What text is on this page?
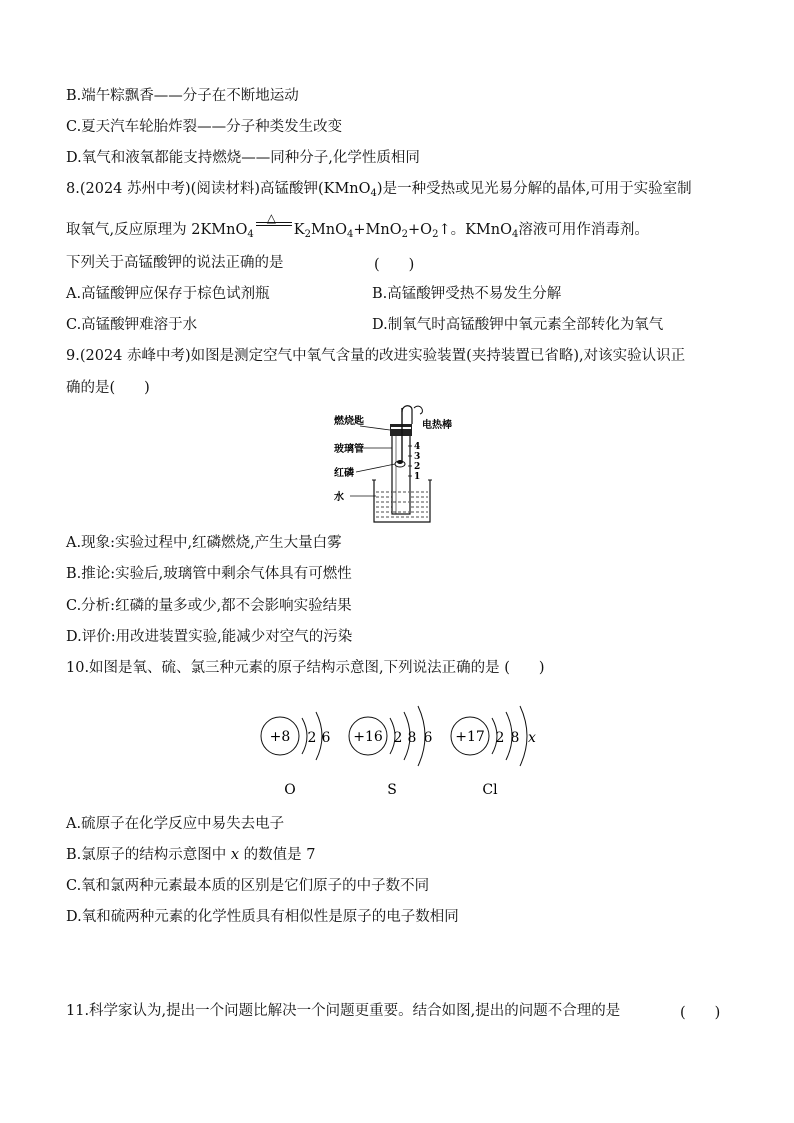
B.端午粽飘香——分子在不断地运动
C.夏天汽车轮胎炸裂——分子种类发生改变
D.氧气和液氧都能支持燃烧——同种分子,化学性质相同
8.(2024 苏州中考)(阅读材料)高锰酸钾(KMnO$_4$)是一种受热或见光易分解的晶体,可用于实验室制
取氧气,反应原理为 2KMnO$_4$
△
$K_2MnO_4+MnO_2+O_2↑$。KMnO$_4$溶液可用作消毒剂。
下列关于高锰酸钾的说法正确的是	(　　)
A.高锰酸钾应保存于棕色试剂瓶	B.高锰酸钾受热不易发生分解
C.高锰酸钾难溶于水	D.制氧气时高锰酸钾中氧元素全部转化为氧气
9.(2024 赤峰中考)如图是测定空气中氧气含量的改进实验装置(夹持装置已省略),对该实验认识正
确的是(　　)
4
3
2
1
燃烧匙
玻璃管
红磷
水
电热棒
A.现象:实验过程中,红磷燃烧,产生大量白雾
B.推论:实验后,玻璃管中剩余气体具有可燃性
C.分析:红磷的量多或少,都不会影响实验结果
D.评价:用改进装置实验,能减少对空气的污染
10.如图是氧、硫、氯三种元素的原子结构示意图,下列说法正确的是 (　　)
+8 2 6
O
+16 2 8 6
S
+17 2 8 x
Cl
A.硫原子在化学反应中易失去电子
B.氯原子的结构示意图中 x 的数值是 7
C.氧和氯两种元素最本质的区别是它们原子的中子数不同
D.氧和硫两种元素的化学性质具有相似性是原子的电子数相同
11.科学家认为,提出一个问题比解决一个问题更重要。结合如图,提出的问题不合理的是	(　　)
